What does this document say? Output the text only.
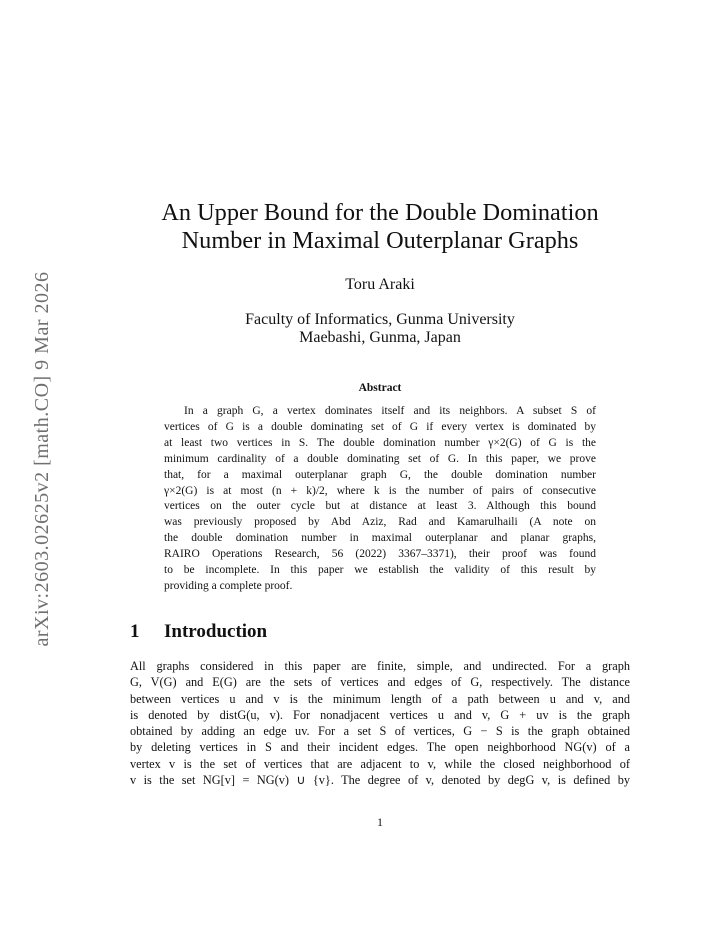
arXiv:2603.02625v2 [math.CO] 9 Mar 2026
An Upper Bound for the Double Domination
Number in Maximal Outerplanar Graphs
Toru Araki
Faculty of Informatics, Gunma University
Maebashi, Gunma, Japan
Abstract
In a graph G, a vertex dominates itself and its neighbors. A subset S of
vertices of G is a double dominating set of G if every vertex is dominated by
at least two vertices in S. The double domination number γ×2(G) of G is the
minimum cardinality of a double dominating set of G. In this paper, we prove
that, for a maximal outerplanar graph G, the double domination number
γ×2(G) is at most (n + k)/2, where k is the number of pairs of consecutive
vertices on the outer cycle but at distance at least 3. Although this bound
was previously proposed by Abd Aziz, Rad and Kamarulhaili (A note on
the double domination number in maximal outerplanar and planar graphs,
RAIRO Operations Research, 56 (2022) 3367–3371), their proof was found
to be incomplete. In this paper we establish the validity of this result by
providing a complete proof.
1 Introduction
All graphs considered in this paper are finite, simple, and undirected. For a graph
G, V(G) and E(G) are the sets of vertices and edges of G, respectively. The distance
between vertices u and v is the minimum length of a path between u and v, and
is denoted by distG(u, v). For nonadjacent vertices u and v, G + uv is the graph
obtained by adding an edge uv. For a set S of vertices, G − S is the graph obtained
by deleting vertices in S and their incident edges. The open neighborhood NG(v) of a
vertex v is the set of vertices that are adjacent to v, while the closed neighborhood of
v is the set NG[v] = NG(v) ∪ {v}. The degree of v, denoted by degG v, is defined by
1
